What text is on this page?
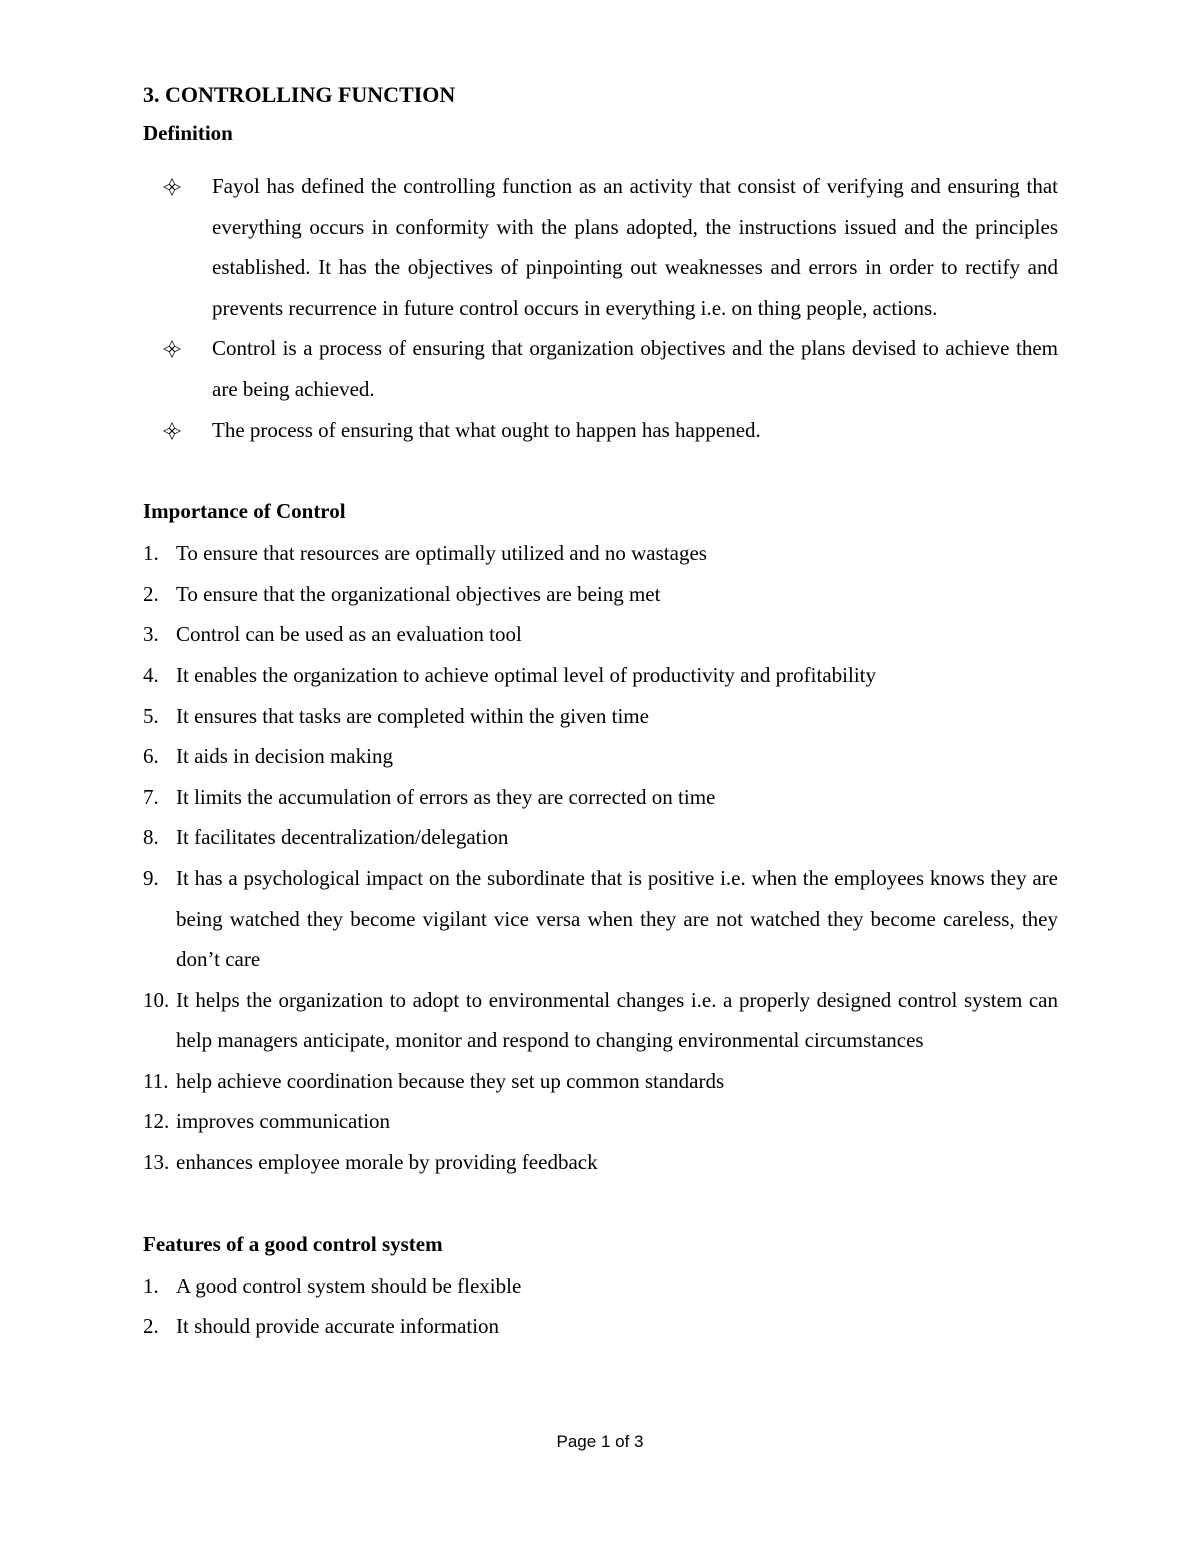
3. CONTROLLING FUNCTION
Definition
Fayol has defined the controlling function as an activity that consist of verifying and ensuring that everything occurs in conformity with the plans adopted, the instructions issued and the principles established. It has the objectives of pinpointing out weaknesses and errors in order to rectify and prevents recurrence in future control occurs in everything i.e. on thing people, actions.
Control is a process of ensuring that organization objectives and the plans devised to achieve them are being achieved.
The process of ensuring that what ought to happen has happened.
Importance of Control
1. To ensure that resources are optimally utilized and no wastages
2. To ensure that the organizational objectives are being met
3. Control can be used as an evaluation tool
4. It enables the organization to achieve optimal level of productivity and profitability
5. It ensures that tasks are completed within the given time
6. It aids in decision making
7. It limits the accumulation of errors as they are corrected on time
8. It facilitates decentralization/delegation
9. It has a psychological impact on the subordinate that is positive i.e. when the employees knows they are being watched they become vigilant vice versa when they are not watched they become careless, they don’t care
10. It helps the organization to adopt to environmental changes i.e. a properly designed control system can help managers anticipate, monitor and respond to changing environmental circumstances
11. help achieve coordination because they set up common standards
12. improves communication
13. enhances employee morale by providing feedback
Features of a good control system
1. A good control system should be flexible
2. It should provide accurate information
Page 1 of 3
